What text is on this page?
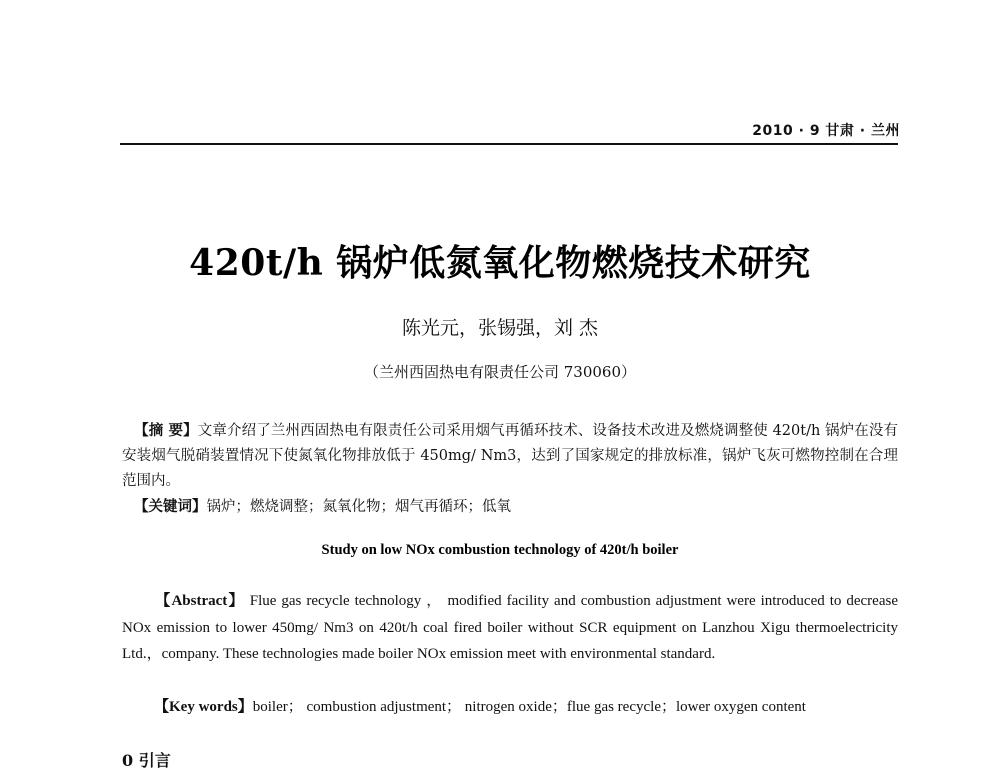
2010 · 9 甘肃 · 兰州
420t/h 锅炉低氮氧化物燃烧技术研究
陈光元，张锡强，刘 杰
（兰州西固热电有限责任公司 730060）
【摘 要】文章介绍了兰州西固热电有限责任公司采用烟气再循环技术、设备技术改进及燃烧调整使 420t/h 锅炉在没有安装烟气脱硝装置情况下使氮氧化物排放低于 450mg/ Nm3，达到了国家规定的排放标准，锅炉飞灰可燃物控制在合理范围内。
【关键词】锅炉；燃烧调整；氮氧化物；烟气再循环；低氧
Study on low NOx combustion technology of 420t/h boiler
【Abstract】 Flue gas recycle technology ， modified facility and combustion adjustment were introduced to decrease NOx emission to lower 450mg/ Nm3 on 420t/h coal fired boiler without SCR equipment on Lanzhou Xigu thermoelectricity Ltd.，company. These technologies made boiler NOx emission meet with environmental standard.
【Key words】boiler； combustion adjustment； nitrogen oxide；flue gas recycle；lower oxygen content
0 引言
